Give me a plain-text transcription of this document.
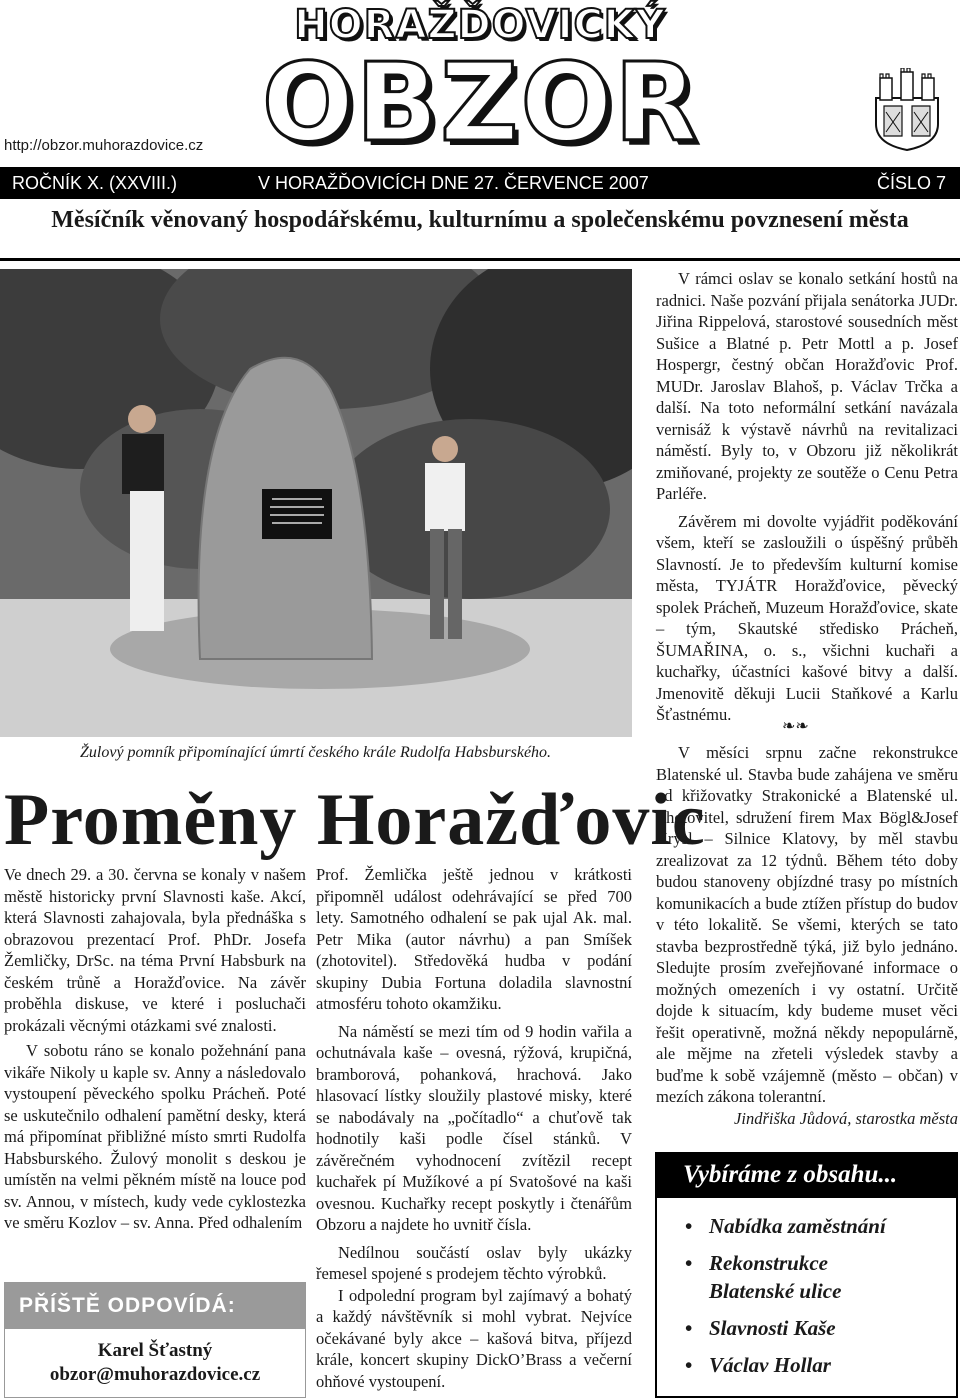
http://obzor.muhorazdovice.cz
HORAŽĎOVICKÝ
OBZOR
ROČNÍK X. (XXVIII.)	V HORAŽĎOVICÍCH DNE 27. ČERVENCE 2007	ČÍSLO 7
Měsíčník věnovaný hospodářskému, kulturnímu a společenskému povznesení města
Žulový pomník připomínající úmrtí českého krále Rudolfa Habsburského.
Proměny Horažďovic

Ve dnech 29. a 30. června se konaly v našem městě historicky první Slavnosti kaše. Akcí, která Slavnosti zahajovala, byla přednáška s obrazovou prezentací Prof. PhDr. Josefa Žemličky, DrSc. na téma První Habsburk na českém trůně a Horažďovice. Na závěr proběhla diskuse, ve které i posluchači prokázali věcnými otázkami své znalosti.

V sobotu ráno se konalo požehnání pana vikáře Nikoly u kaple sv. Anny a následovalo vystoupení pěveckého spolku Prácheň. Poté se uskutečnilo odhalení pamětní desky, která má připomínat přibližné místo smrti Rudolfa Habsburského. Žulový monolit s deskou je umístěn na velmi pěkném místě na louce pod sv. Annou, v místech, kudy vede cyklostezka ve směru Kozlov – sv. Anna. Před odhalením

Prof. Žemlička ještě jednou v krátkosti připomněl událost odehrávající se před 700 lety. Samotného odhalení se pak ujal Ak. mal. Petr Mika (autor návrhu) a pan Smíšek (zhotovitel). Středověká hudba v podání skupiny Dubia Fortuna doladila slavnostní atmosféru tohoto okamžiku.

Na náměstí se mezi tím od 9 hodin vařila a ochutnávala kaše – ovesná, rýžová, krupičná, bramborová, pohanková, hrachová. Jako hlasovací lístky sloužily plastové misky, které se nabodávaly na „počítadlo“ a chuťově tak hodnotily kaši podle čísel stánků. V závěrečném vyhodnocení zvítězil recept kuchařek pí Mužíkové a pí Svatošové na kaši ovesnou. Kuchařky recept poskytly i čtenářům Obzoru a najdete ho uvnitř čísla.

Nedílnou součástí oslav byly ukázky řemesel spojené s prodejem těchto výrobků.

I odpolední program byl zajímavý a bohatý a každý návštěvník si mohl vybrat. Nejvíce očekávané byly akce – kašová bitva, příjezd krále, koncert skupiny DickO’Brass a večerní ohňové vystoupení.

V rámci oslav se konalo setkání hostů na radnici. Naše pozvání přijala senátorka JUDr. Jiřina Rippelová, starostové sousedních měst Sušice a Blatné p. Petr Mottl a p. Josef Hospergr, čestný občan Horažďovic Prof. MUDr. Jaroslav Blahoš, p. Václav Trčka a další. Na toto neformální setkání navázala vernisáž k výstavě návrhů na revitalizaci náměstí. Byly to, v Obzoru již několikrát zmiňované, projekty ze soutěže o Cenu Petra Parléře.

Závěrem mi dovolte vyjádřit poděkování všem, kteří se zasloužili o úspěšný průběh Slavností. Je to především kulturní komise města, TYJÁTR Horažďovice, pěvecký spolek Prácheň, Muzeum Horažďovice, skate – tým, Skautské středisko Prácheň, ŠUMAŘINA, o. s., všichni kuchaři a kuchařky, účastníci kašové bitvy a další. Jmenovitě děkuji Lucii Staňkové a Karlu Šťastnému.

❧❧

V měsíci srpnu začne rekonstrukce Blatenské ul. Stavba bude zahájena ve směru od křižovatky Strakonické a Blatenské ul. Zhotovitel, sdružení firem Max Bögl&Josef Krýsl – Silnice Klatovy, by měl stavbu zrealizovat za 12 týdnů. Během této doby budou stanoveny objízdné trasy po místních komunikacích a bude ztížen přístup do budov v této lokalitě. Se všemi, kterých se tato stavba bezprostředně týká, již bylo jednáno. Sledujte prosím zveřejňované informace o možných omezeních i vy ostatní. Určitě dojde k situacím, kdy budeme muset věci řešit operativně, možná někdy nepopulárně, ale mějme na zřeteli výsledek stavby a buďme k sobě vzájemně (město – občan) v mezích zákona tolerantní.

Jindřiška Jůdová, starostka města

PŘÍŠTĚ ODPOVÍDÁ:
Karel Šťastný
obzor@muhorazdovice.cz
Vybíráme z obsahu...
• Nabídka zaměstnání
• Rekonstrukce Blatenské ulice
• Slavnosti Kaše
• Václav Hollar
